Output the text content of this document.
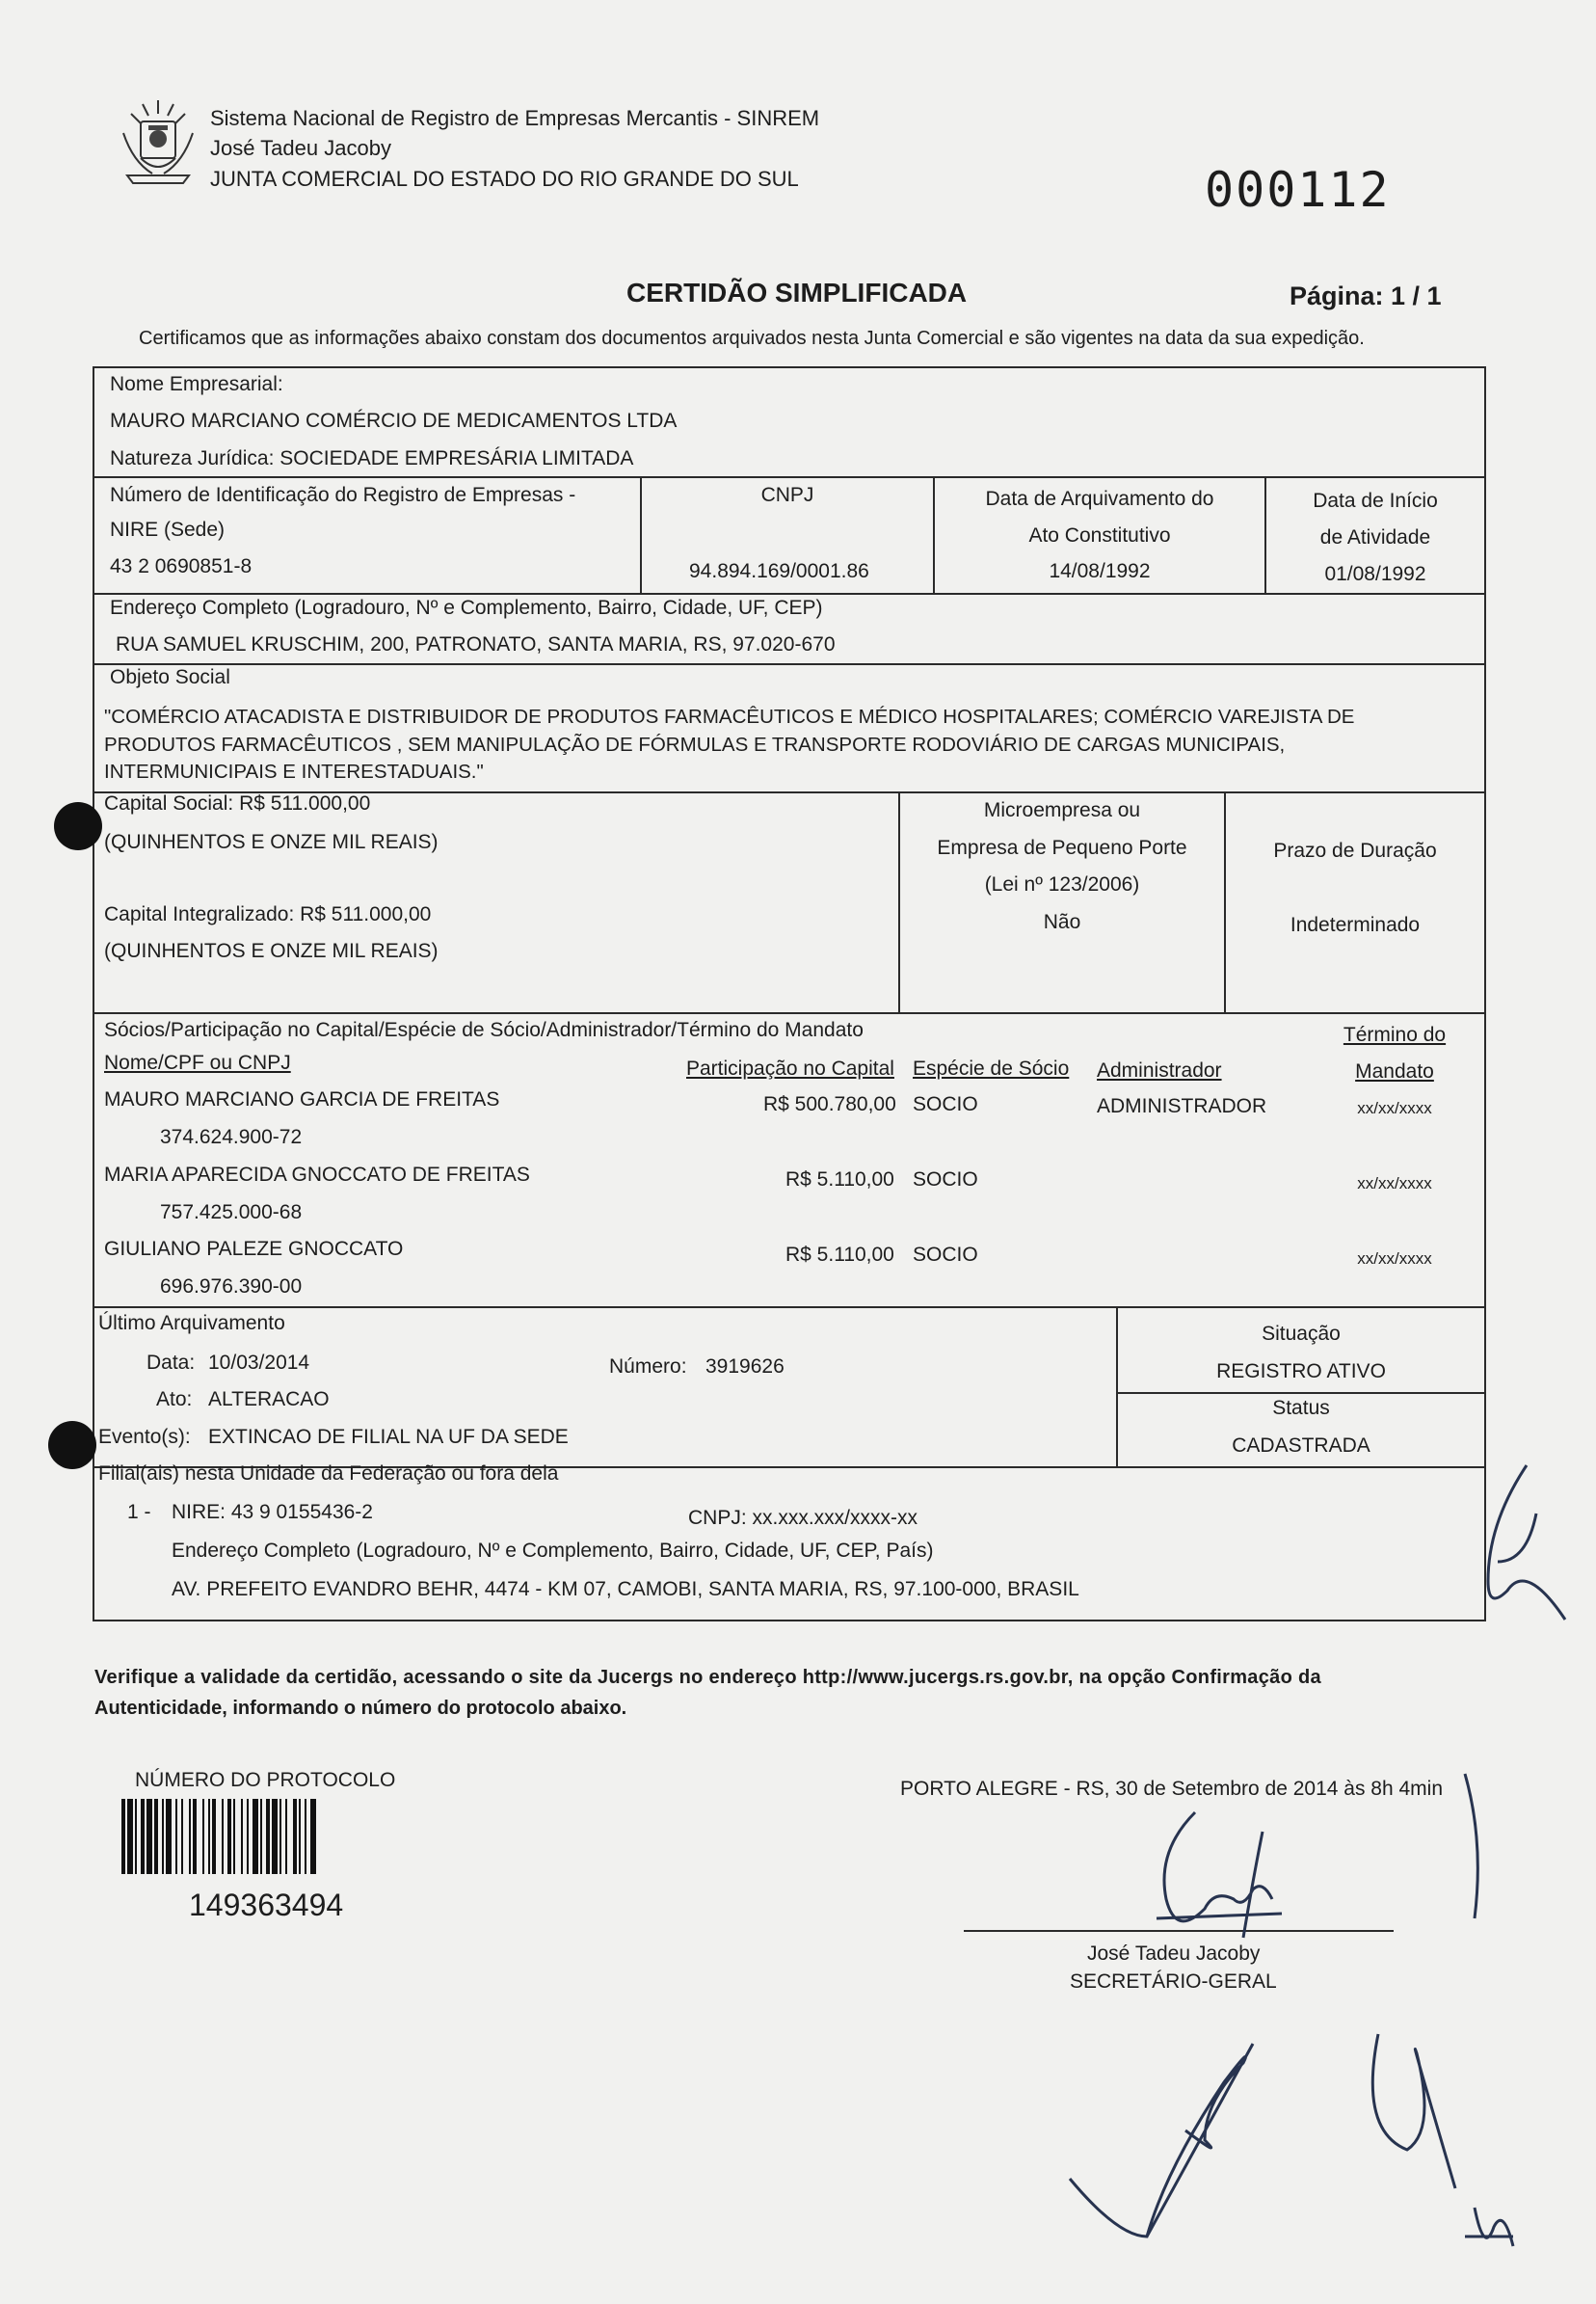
Sistema Nacional de Registro de Empresas Mercantis - SINREM
José Tadeu Jacoby
JUNTA COMERCIAL DO ESTADO DO RIO GRANDE DO SUL	000112
CERTIDÃO SIMPLIFICADA	Página: 1 / 1
Certificamos que as informações abaixo constam dos documentos arquivados nesta Junta Comercial e são vigentes na data da sua expedição.
Nome Empresarial:
MAURO MARCIANO COMÉRCIO DE MEDICAMENTOS LTDA
Natureza Jurídica: SOCIEDADE EMPRESÁRIA LIMITADA
Número de Identificação do Registro de Empresas -
NIRE (Sede)
43 2 0690851-8
CNPJ
94.894.169/0001.86
Data de Arquivamento do
Ato Constitutivo
14/08/1992
Data de Início
de Atividade
01/08/1992
Endereço Completo (Logradouro, Nº e Complemento, Bairro, Cidade, UF, CEP)
RUA SAMUEL KRUSCHIM, 200, PATRONATO, SANTA MARIA, RS, 97.020-670
Objeto Social
"COMÉRCIO ATACADISTA E DISTRIBUIDOR DE PRODUTOS FARMACÊUTICOS E MÉDICO HOSPITALARES; COMÉRCIO VAREJISTA DE
PRODUTOS FARMACÊUTICOS , SEM MANIPULAÇÃO DE FÓRMULAS E TRANSPORTE RODOVIÁRIO DE CARGAS MUNICIPAIS,
INTERMUNICIPAIS E INTERESTADUAIS."
Capital Social: R$ 511.000,00
(QUINHENTOS E ONZE MIL REAIS)
Capital Integralizado: R$ 511.000,00
(QUINHENTOS E ONZE MIL REAIS)
Microempresa ou
Empresa de Pequeno Porte
(Lei nº 123/2006)
Não
Prazo de Duração
Indeterminado
Sócios/Participação no Capital/Espécie de Sócio/Administrador/Término do Mandato
Nome/CPF ou CNPJ	Participação no Capital Espécie de Sócio Administrador
Término do
Mandato
MAURO MARCIANO GARCIA DE FREITAS
374.624.900-72
R$ 500.780,00 SOCIO	ADMINISTRADOR	xx/xx/xxxx
MARIA APARECIDA GNOCCATO DE FREITAS
757.425.000-68
R$ 5.110,00 SOCIO	xx/xx/xxxx
GIULIANO PALEZE GNOCCATO
696.976.390-00
R$ 5.110,00 SOCIO	xx/xx/xxxx
Último Arquivamento
Data: 10/03/2014	Número: 3919626
Ato: ALTERACAO
Evento(s): EXTINCAO DE FILIAL NA UF DA SEDE
Situação
REGISTRO ATIVO
Status
CADASTRADA
Filial(ais) nesta Unidade da Federação ou fora dela
1 - NIRE: 43 9 0155436-2	CNPJ: xx.xxx.xxx/xxxx-xx
Endereço Completo (Logradouro, Nº e Complemento, Bairro, Cidade, UF, CEP, País)
AV. PREFEITO EVANDRO BEHR, 4474 - KM 07, CAMOBI, SANTA MARIA, RS, 97.100-000, BRASIL
Verifique a validade da certidão, acessando o site da Jucergs no endereço http://www.jucergs.rs.gov.br, na opção Confirmação da
Autenticidade, informando o número do protocolo abaixo.
NÚMERO DO PROTOCOLO
149363494
PORTO ALEGRE - RS, 30 de Setembro de 2014 às 8h 4min
José Tadeu Jacoby
SECRETÁRIO-GERAL
